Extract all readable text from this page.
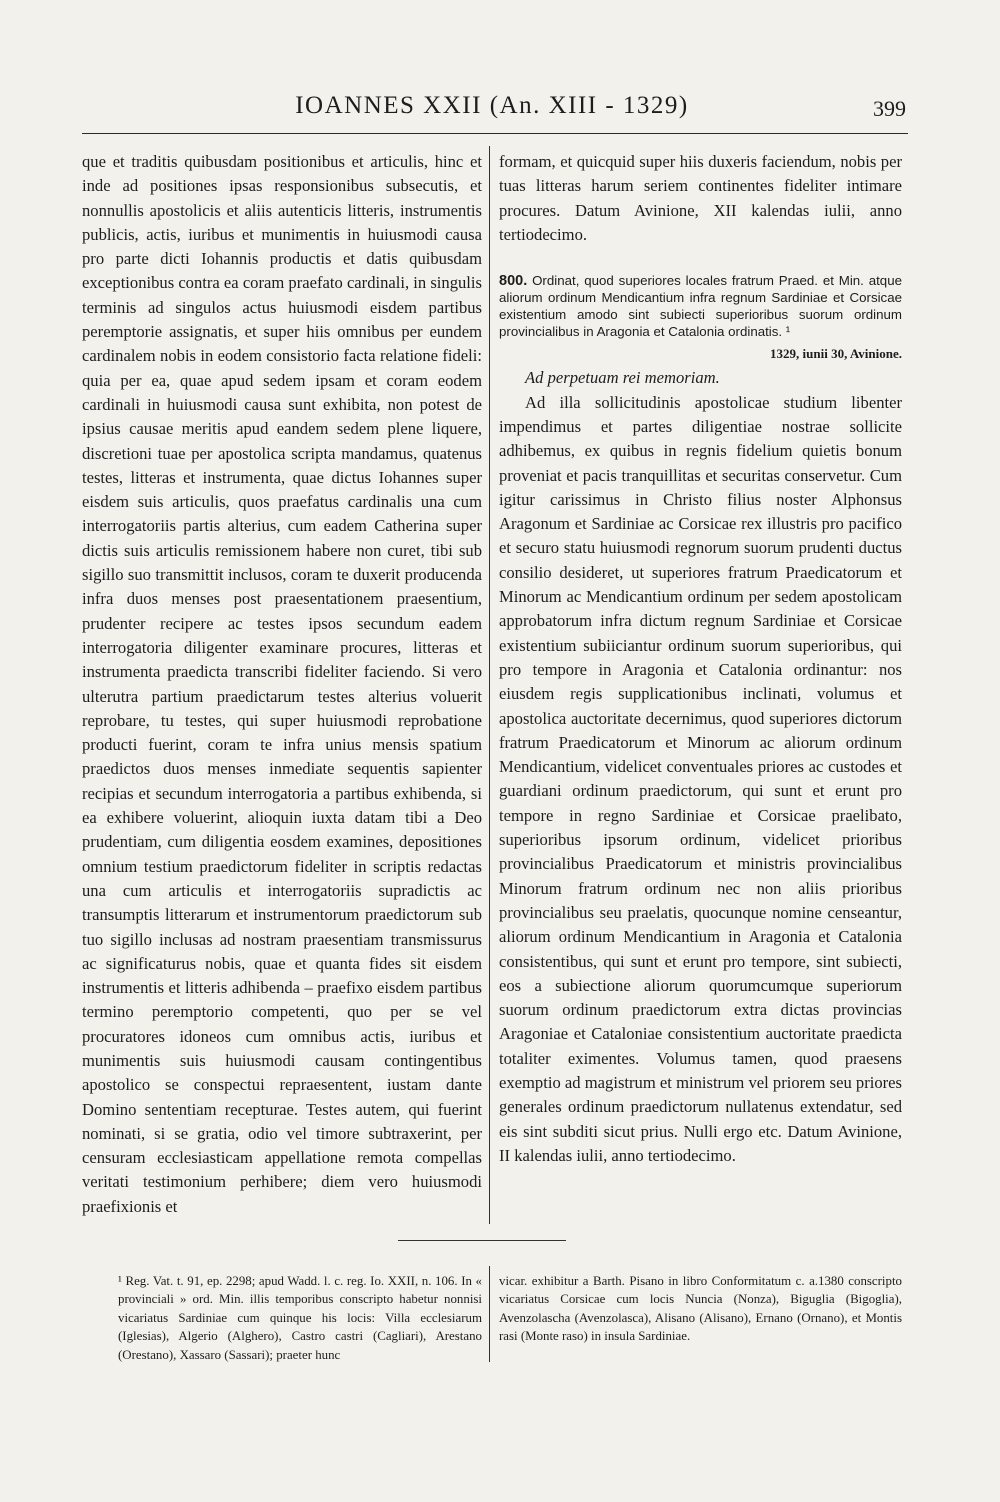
IOANNES XXII (An. XIII - 1329)	399

que et traditis quibusdam positionibus et articulis, hinc et inde ad positiones ipsas responsionibus subsecutis, et nonnullis apostolicis et aliis autenticis litteris, instrumentis publicis, actis, iuribus et munimentis in huiusmodi causa pro parte dicti Iohannis productis et datis quibusdam exceptionibus contra ea coram praefato cardinali, in singulis terminis ad singulos actus huiusmodi eisdem partibus peremptorie assignatis, et super hiis omnibus per eundem cardinalem nobis in eodem consistorio facta relatione fideli: quia per ea, quae apud sedem ipsam et coram eodem cardinali in huiusmodi causa sunt exhibita, non potest de ipsius causae meritis apud eandem sedem plene liquere, discretioni tuae per apostolica scripta mandamus, quatenus testes, litteras et instrumenta, quae dictus Iohannes super eisdem suis articulis, quos praefatus cardinalis una cum interrogatoriis partis alterius, cum eadem Catherina super dictis suis articulis remissionem habere non curet, tibi sub sigillo suo transmittit inclusos, coram te duxerit producenda infra duos menses post praesentationem praesentium, prudenter recipere ac testes ipsos secundum eadem interrogatoria diligenter examinare procures, litteras et instrumenta praedicta transcribi fideliter faciendo. Si vero ulterutra partium praedictarum testes alterius voluerit reprobare, tu testes, qui super huiusmodi reprobatione producti fuerint, coram te infra unius mensis spatium praedictos duos menses inmediate sequentis sapienter recipias et secundum interrogatoria a partibus exhibenda, si ea exhibere voluerint, alioquin iuxta datam tibi a Deo prudentiam, cum diligentia eosdem examines, depositiones omnium testium praedictorum fideliter in scriptis redactas una cum articulis et interrogatoriis supradictis ac transumptis litterarum et instrumentorum praedictorum sub tuo sigillo inclusas ad nostram praesentiam transmissurus ac significaturus nobis, quae et quanta fides sit eisdem instrumentis et litteris adhibenda – praefixo eisdem partibus termino peremptorio competenti, quo per se vel procuratores idoneos cum omnibus actis, iuribus et munimentis suis huiusmodi causam contingentibus apostolico se conspectui repraesentent, iustam dante Domino sententiam recepturae. Testes autem, qui fuerint nominati, si se gratia, odio vel timore subtraxerint, per censuram ecclesiasticam appellatione remota compellas veritati testimonium perhibere; diem vero huiusmodi praefixionis et

formam, et quicquid super hiis duxeris faciendum, nobis per tuas litteras harum seriem continentes fideliter intimare procures. Datum Avinione, XII kalendas iulii, anno tertiodecimo.

800. Ordinat, quod superiores locales fratrum Praed. et Min. atque aliorum ordinum Mendicantium infra regnum Sardiniae et Corsicae existentium amodo sint subiecti superioribus suorum ordinum provincialibus in Aragonia et Catalonia ordinatis. ¹
1329, iunii 30, Avinione.

Ad perpetuam rei memoriam.

Ad illa sollicitudinis apostolicae studium libenter impendimus et partes diligentiae nostrae sollicite adhibemus, ex quibus in regnis fidelium quietis bonum proveniat et pacis tranquillitas et securitas conservetur. Cum igitur carissimus in Christo filius noster Alphonsus Aragonum et Sardiniae ac Corsicae rex illustris pro pacifico et securo statu huiusmodi regnorum suorum prudenti ductus consilio desideret, ut superiores fratrum Praedicatorum et Minorum ac Mendicantium ordinum per sedem apostolicam approbatorum infra dictum regnum Sardiniae et Corsicae existentium subiiciantur ordinum suorum superioribus, qui pro tempore in Aragonia et Catalonia ordinantur: nos eiusdem regis supplicationibus inclinati, volumus et apostolica auctoritate decernimus, quod superiores dictorum fratrum Praedicatorum et Minorum ac aliorum ordinum Mendicantium, videlicet conventuales priores ac custodes et guardiani ordinum praedictorum, qui sunt et erunt pro tempore in regno Sardiniae et Corsicae praelibato, superioribus ipsorum ordinum, videlicet prioribus provincialibus Praedicatorum et ministris provincialibus Minorum fratrum ordinum nec non aliis prioribus provincialibus seu praelatis, quocunque nomine censeantur, aliorum ordinum Mendicantium in Aragonia et Catalonia consistentibus, qui sunt et erunt pro tempore, sint subiecti, eos a subiectione aliorum quorumcumque superiorum suorum ordinum praedictorum extra dictas provincias Aragoniae et Cataloniae consistentium auctoritate praedicta totaliter eximentes. Volumus tamen, quod praesens exemptio ad magistrum et ministrum vel priorem seu priores generales ordinum praedictorum nullatenus extendatur, sed eis sint subditi sicut prius. Nulli ergo etc. Datum Avinione, II kalendas iulii, anno tertiodecimo.

¹ Reg. Vat. t. 91, ep. 2298; apud Wadd. l. c. reg. Io. XXII, n. 106. In « provinciali » ord. Min. illis temporibus conscripto habetur nonnisi vicariatus Sardiniae cum quinque his locis: Villa ecclesiarum (Iglesias), Algerio (Alghero), Castro castri (Cagliari), Arestano (Orestano), Xassaro (Sassari); praeter hunc
vicar. exhibitur a Barth. Pisano in libro Conformitatum c. a.1380 conscripto vicariatus Corsicae cum locis Nuncia (Nonza), Biguglia (Bigoglia), Avenzolascha (Avenzolasca), Alisano (Alisano), Ernano (Ornano), et Montis rasi (Monte raso) in insula Sardiniae.
